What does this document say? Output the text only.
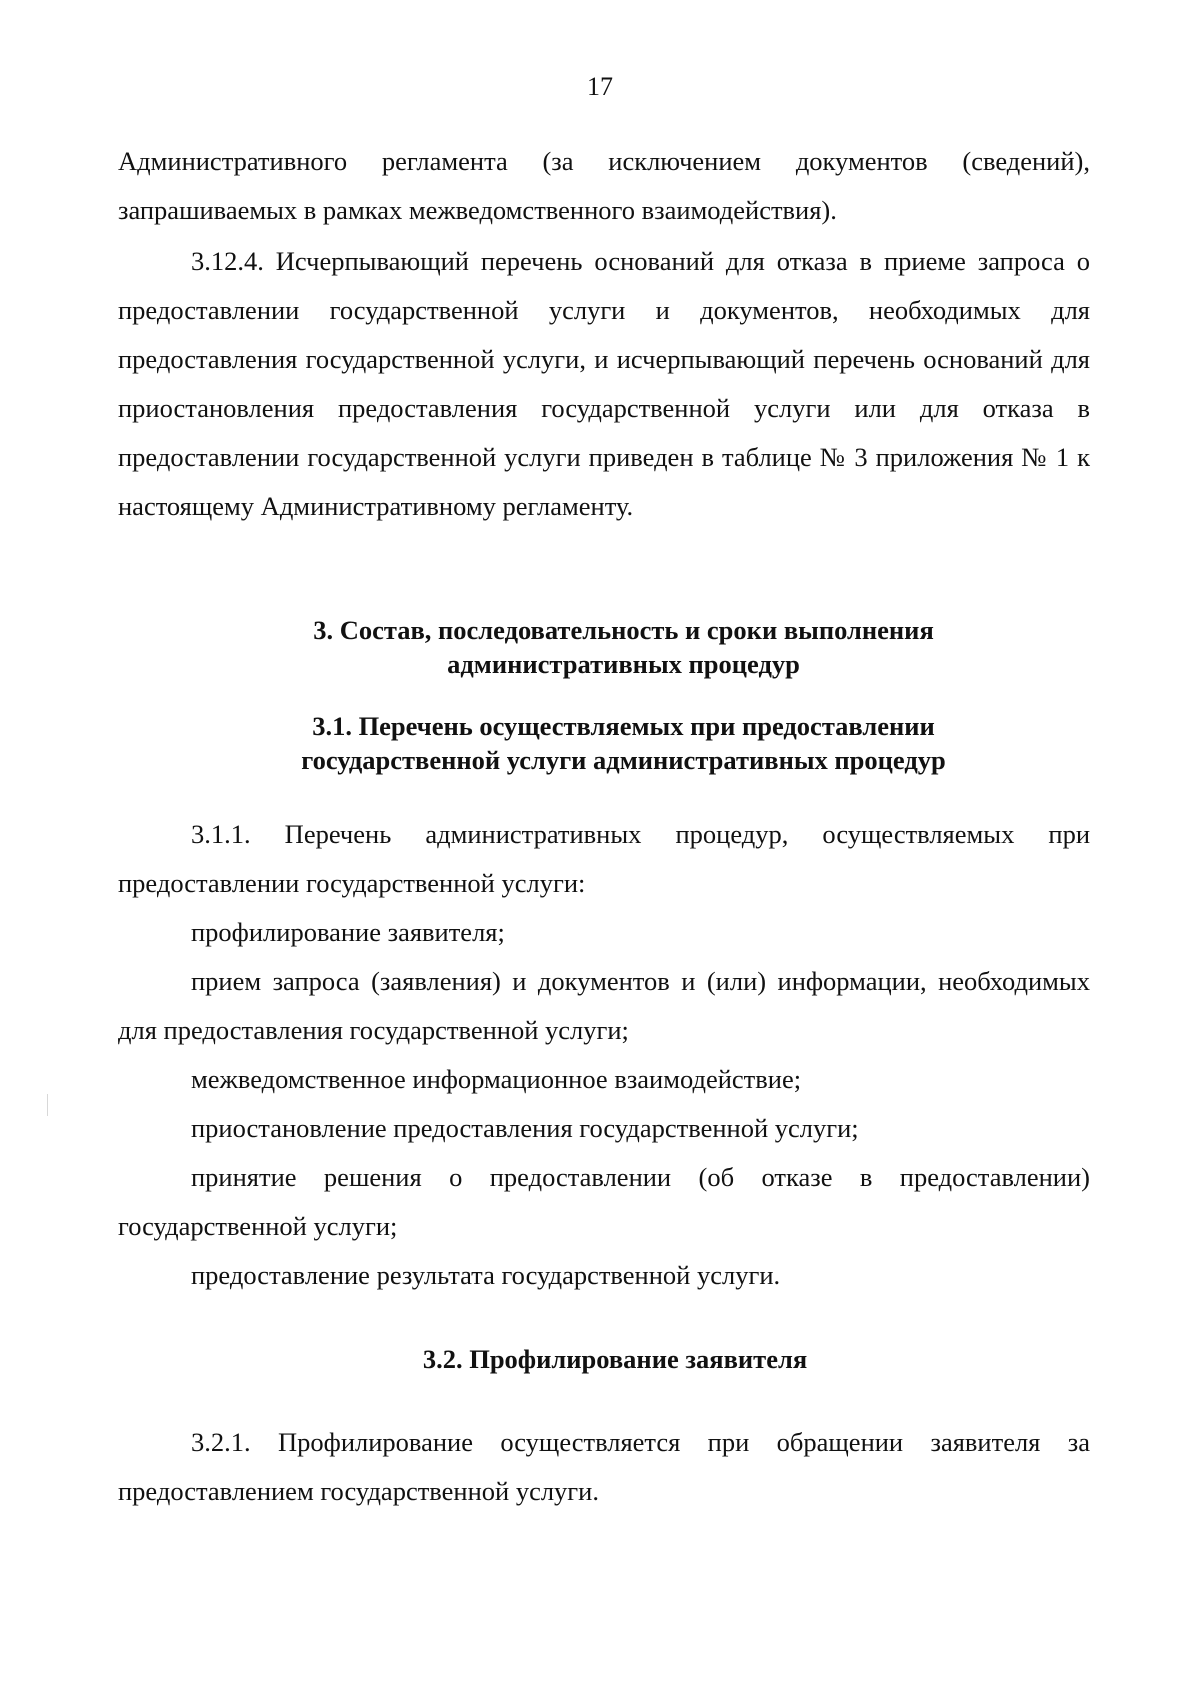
17

Административного регламента (за исключением документов (сведений), запрашиваемых в рамках межведомственного взаимодействия).

3.12.4. Исчерпывающий перечень оснований для отказа в приеме запроса о предоставлении государственной услуги и документов, необходимых для предоставления государственной услуги, и исчерпывающий перечень оснований для приостановления предоставления государственной услуги или для отказа в предоставлении государственной услуги приведен в таблице № 3 приложения № 1 к настоящему Административному регламенту.

3. Состав, последовательность и сроки выполнения
административных процедур
3.1. Перечень осуществляемых при предоставлении
государственной услуги административных процедур

3.1.1. Перечень административных процедур, осуществляемых при предоставлении государственной услуги:

профилирование заявителя;

прием запроса (заявления) и документов и (или) информации, необходимых для предоставления государственной услуги;

межведомственное информационное взаимодействие;

приостановление предоставления государственной услуги;

принятие решения о предоставлении (об отказе в предоставлении) государственной услуги;

предоставление результата государственной услуги.

3.2. Профилирование заявителя

3.2.1. Профилирование осуществляется при обращении заявителя за предоставлением государственной услуги.
